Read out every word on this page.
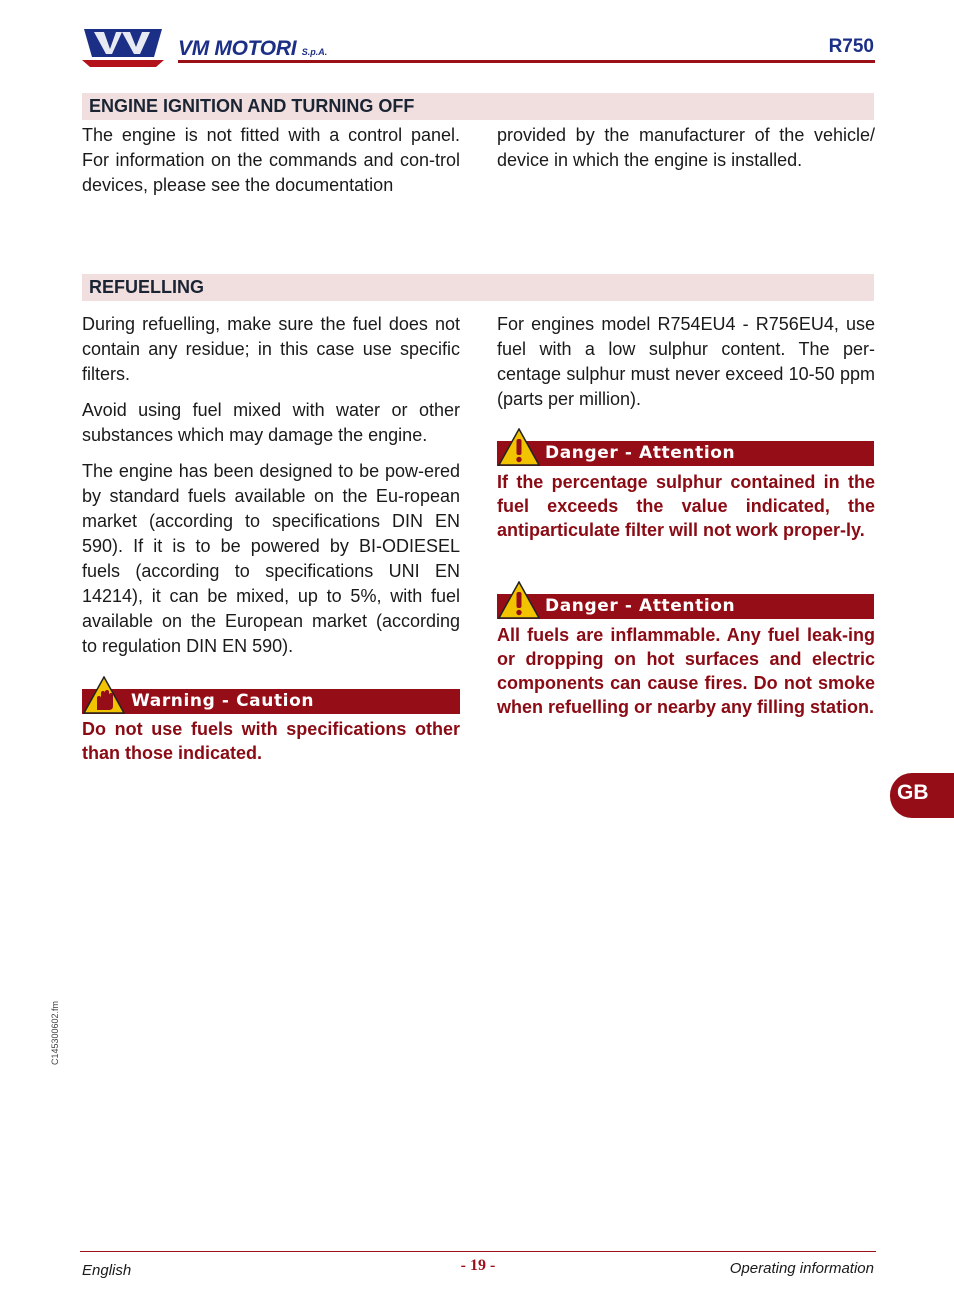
VM MOTORI S.p.A.	R750
ENGINE IGNITION AND TURNING OFF
The engine is not fitted with a control panel. For information on the commands and con-trol devices, please see the documentation
provided by the manufacturer of the vehicle/ device in which the engine is installed.
REFUELLING

During refuelling, make sure the fuel does not contain any residue; in this case use specific filters.

Avoid using fuel mixed with water or other substances which may damage the engine.

The engine has been designed to be pow-ered by standard fuels available on the Eu-ropean market (according to specifications DIN EN 590). If it is to be powered by BI-ODIESEL fuels (according to specifications UNI EN 14214), it can be mixed, up to 5%, with fuel available on the European market (according to regulation DIN EN 590).

Warning - Caution
Do not use fuels with specifications other than those indicated.
For engines model R754EU4 - R756EU4, use fuel with a low sulphur content. The per-centage sulphur must never exceed 10-50 ppm (parts per million).
Danger - Attention
If the percentage sulphur contained in the fuel exceeds the value indicated, the antiparticulate filter will not work proper-ly.
Danger - Attention
All fuels are inflammable. Any fuel leak-ing or dropping on hot surfaces and electric components can cause fires. Do not smoke when refuelling or nearby any filling station.
GB
C145300602.fm
English	- 19 -	Operating information
